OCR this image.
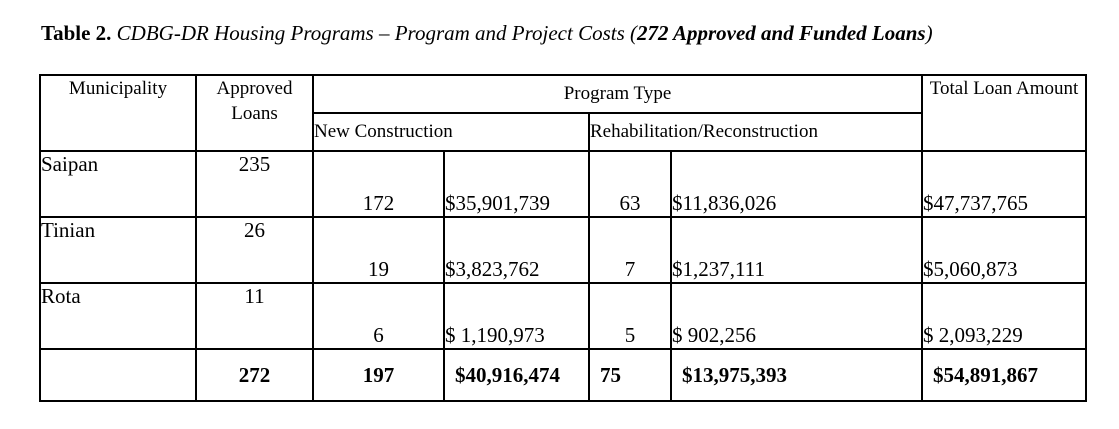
Table 2. CDBG-DR Housing Programs – Program and Project Costs (272 Approved and Funded Loans)
Municipality	Approved Loans	Program Type				Total Loan Amount
		New Construction		Rehabilitation/Reconstruction		
Saipan	235	172	$35,901,739	63	$11,836,026	$47,737,765
Tinian	26	19	$3,823,762	7	$1,237,111	$5,060,873
Rota	11	6	$ 1,190,973	5	$ 902,256	$ 2,093,229
	272	197	$40,916,474	75	$13,975,393	$54,891,867
